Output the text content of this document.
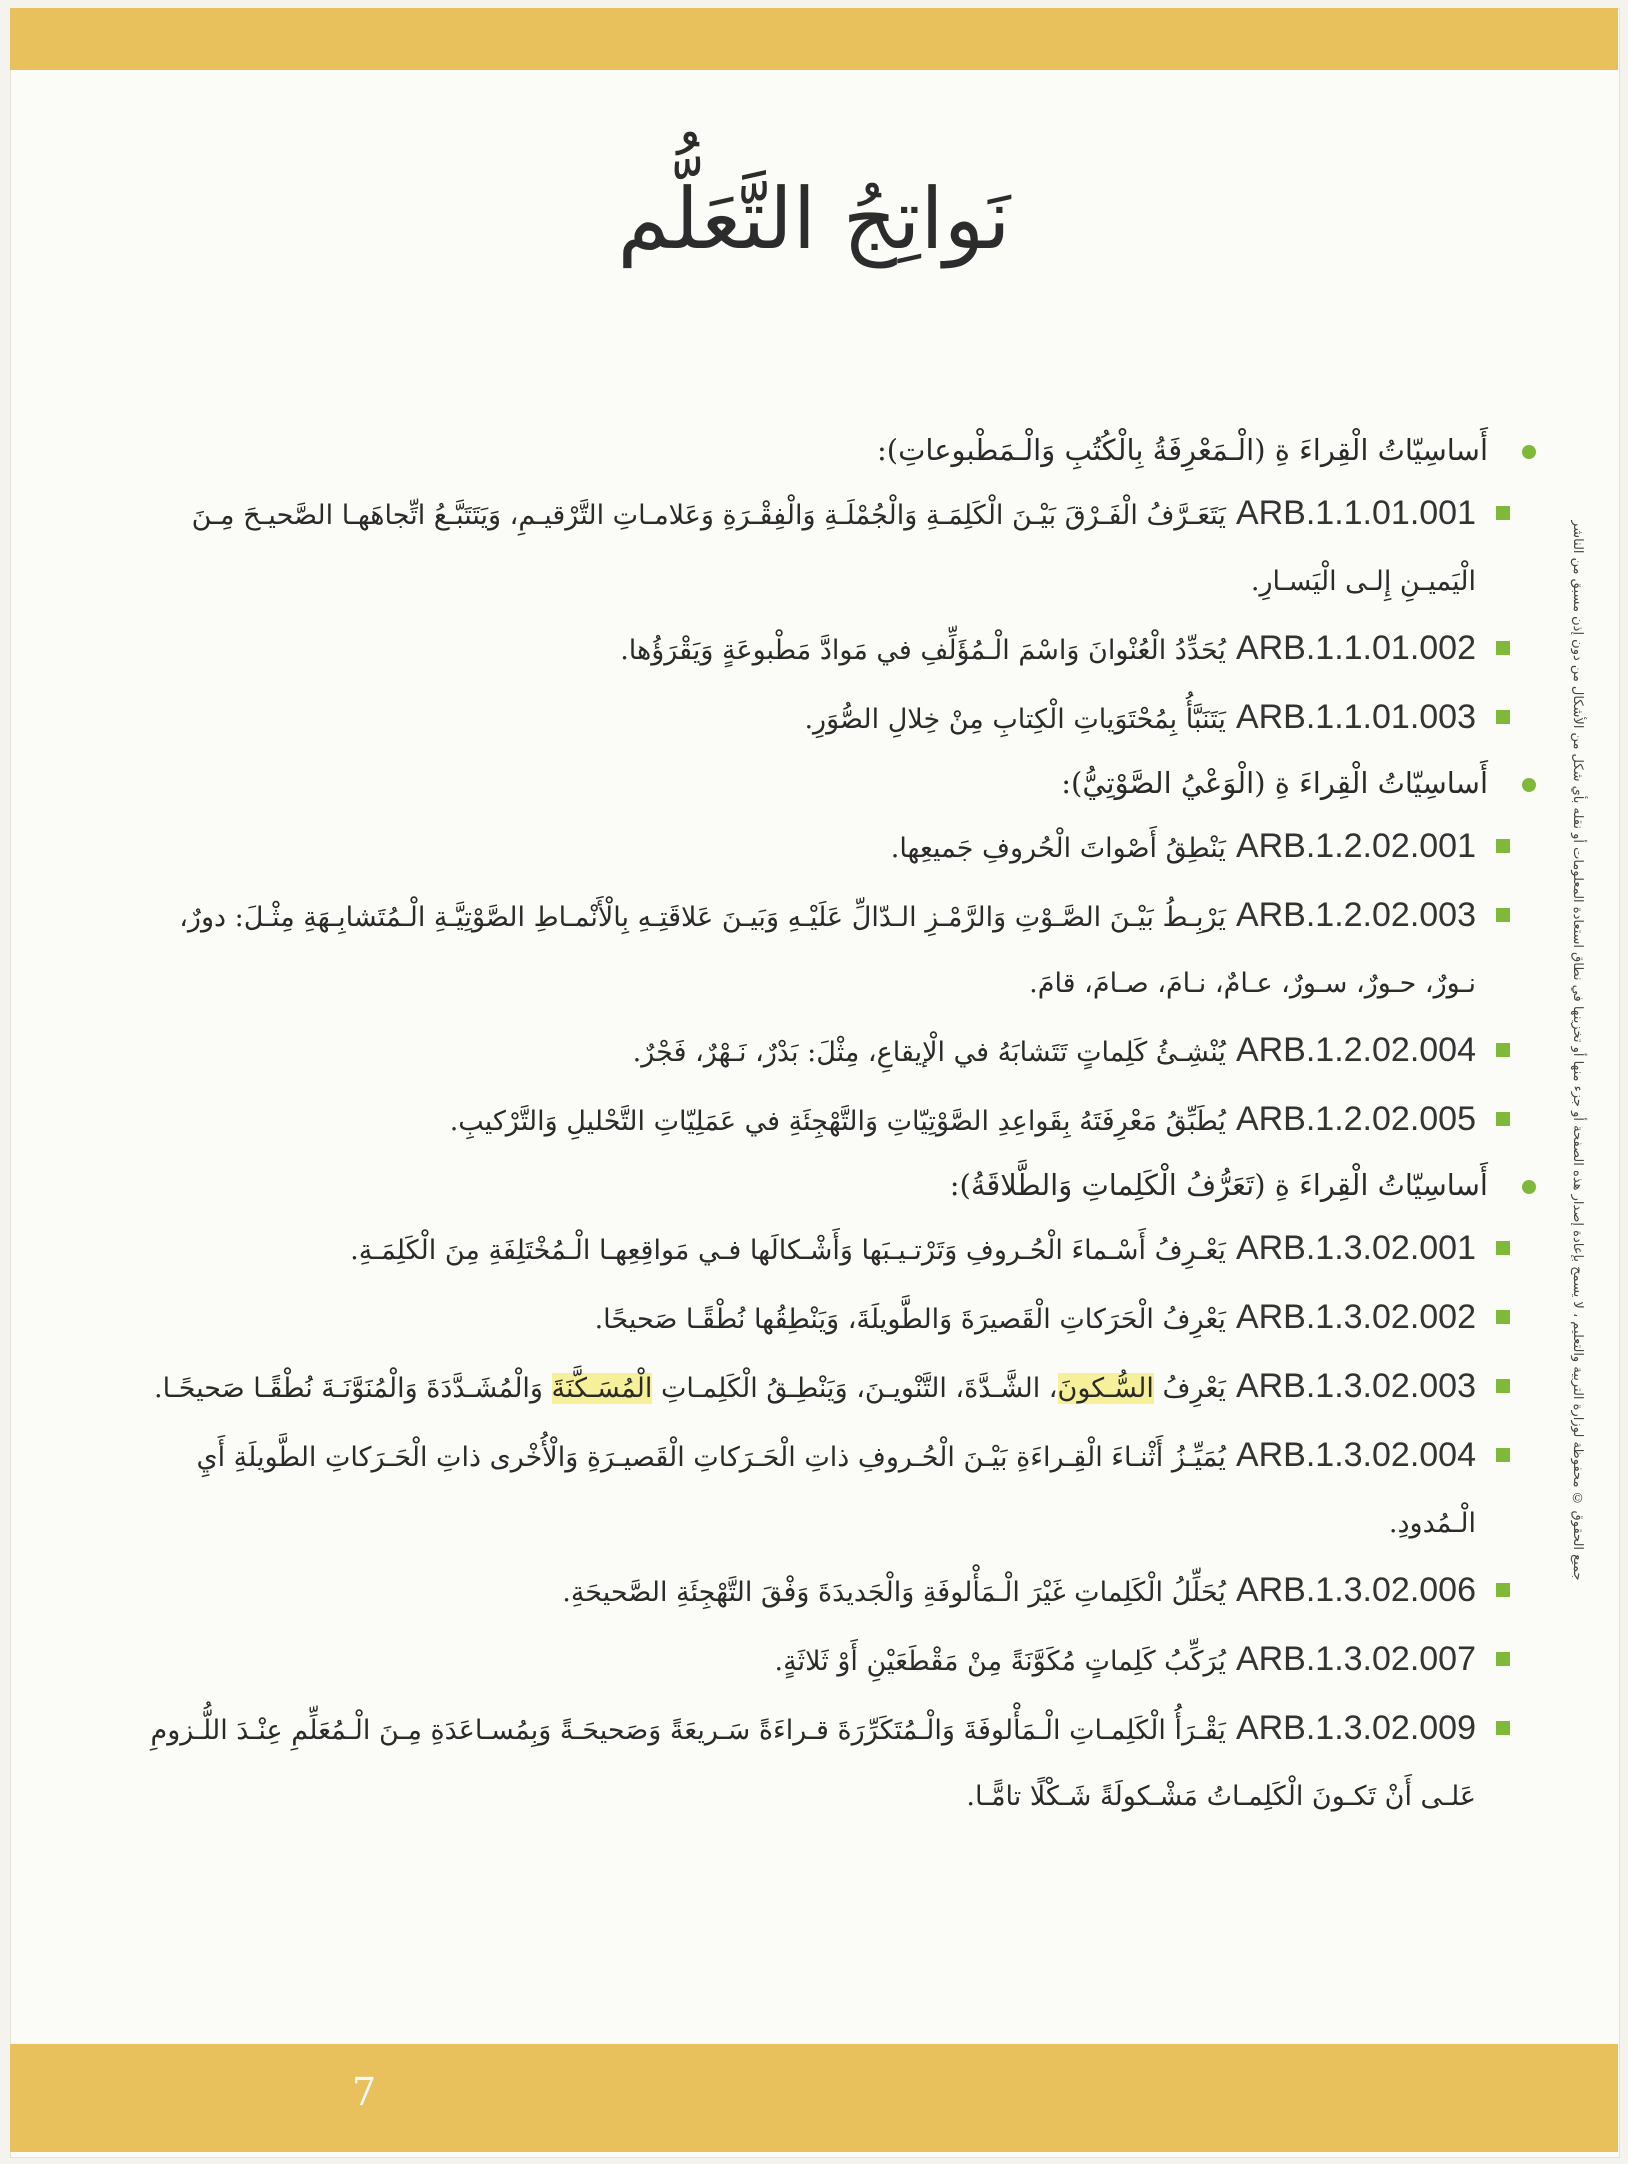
نَواتِجُ التَّعَلُّم
جميع الحقوق © محفوظة لوزارة التربية والتعليم ، لا يسمح بإعادة إصدار هذه الصفحة أو جزء منها أو تخزينها في نطاق استعادة المعلومات أو نقله بأي شكل من الأشكال من دون إذن مسبق من الناشر
أَساسِيّاتُ الْقِراءَ ةِ (الْـمَعْرِفَةُ بِالْكُتُبِ وَالْـمَطْبوعاتِ):
ARB.1.1.01.001يَتَعَـرَّفُ الْفَـرْقَ بَيْـنَ الْكَلِمَـةِ وَالْجُمْلَـةِ وَالْفِقْـرَةِ وَعَلامـاتِ التَّرْقيـمِ، وَيَتَتَبَّـعُ اتِّجاهَهـا الصَّحيـحَ مِـنَ الْيَميـنِ إِلـى الْيَسـارِ.
ARB.1.1.01.002يُحَدِّدُ الْعُنْوانَ وَاسْمَ الْـمُؤَلِّفِ في مَوادَّ مَطْبوعَةٍ وَيَقْرَؤُها.
ARB.1.1.01.003يَتَنَبَّأُ بِمُحْتَوَياتِ الْكِتابِ مِنْ خِلالِ الصُّوَرِ.
أَساسِيّاتُ الْقِراءَ ةِ (الْوَعْيُ الصَّوْتِيُّ):
ARB.1.2.02.001يَنْطِقُ أَصْواتَ الْحُروفِ جَميعِها.
ARB.1.2.02.003يَرْبِـطُ بَيْـنَ الصَّـوْتِ وَالرَّمْـزِ الـدّالِّ عَلَيْـهِ وَبَيـنَ عَلاقَتِـهِ بِالْأَنْمـاطِ الصَّوْتِيَّـةِ الْـمُتَشابِـهَةِ مِثْـلَ: دورٌ، نـورٌ، حـورٌ، سـورٌ، عـامٌ، نـامَ، صـامَ، قامَ.
ARB.1.2.02.004يُنْشِـئُ كَلِماتٍ تَتَشابَهُ في الْإيقاعِ، مِثْلَ: بَدْرٌ، نَـهْرٌ، فَجْرٌ.
ARB.1.2.02.005يُطَبِّقُ مَعْرِفَتَهُ بِقَواعِدِ الصَّوْتِيّاتِ وَالتَّهْجِئَةِ في عَمَلِيّاتِ التَّحْليلِ وَالتَّرْكيبِ.
أَساسِيّاتُ الْقِراءَ ةِ (تَعَرُّفُ الْكَلِماتِ وَالطَّلاقَةُ):
ARB.1.3.02.001يَعْـرِفُ أَسْـماءَ الْحُـروفِ وَتَرْتـيـبَها وَأَشْـكالَها فـي مَواقِعِهـا الْـمُخْتَلِفَةِ مِنَ الْكَلِمَـةِ.
ARB.1.3.02.002يَعْرِفُ الْحَرَكاتِ الْقَصيرَةَ وَالطَّويلَةَ، وَيَنْطِقُها نُطْقًـا صَحيحًا.
ARB.1.3.02.003يَعْرِفُ السُّـكونَ، الشَّـدَّةَ، التَّنْويـنَ، وَيَنْطِـقُ الْكَلِمـاتِ الْمُسَـكَّنَةَ وَالْمُشَـدَّدَةَ وَالْمُنَوَّنَـةَ نُطْقًـا صَحيحًـا.
ARB.1.3.02.004يُمَيِّـزُ أَثْنـاءَ الْقِـراءَةِ بَيْـنَ الْحُـروفِ ذاتِ الْحَـرَكاتِ الْقَصيـرَةِ وَالْأُخْرى ذاتِ الْحَـرَكاتِ الطَّويلَةِ أَيِ الْـمُدودِ.
ARB.1.3.02.006يُحَلِّلُ الْكَلِماتِ غَيْرَ الْـمَأْلوفَةِ وَالْجَديدَةَ وَفْقَ التَّهْجِئَةِ الصَّحيحَةِ.
ARB.1.3.02.007يُرَكِّبُ كَلِماتٍ مُكَوَّنَةً مِنْ مَقْطَعَيْنِ أَوْ ثَلاثَةٍ.
ARB.1.3.02.009يَقْـرَأُ الْكَلِمـاتِ الْـمَأْلوفَةَ وَالْـمُتَكَرِّرَةَ قـراءَةً سَـريعَةً وَصَحيحَـةً وَبِمُسـاعَدَةِ مِـنَ الْـمُعَلِّمِ عِنْـدَ اللُّـزومِ عَلـى أَنْ تَكـونَ الْكَلِمـاتُ مَشْـكولَةً شَـكْلًا تامًّـا.
7
